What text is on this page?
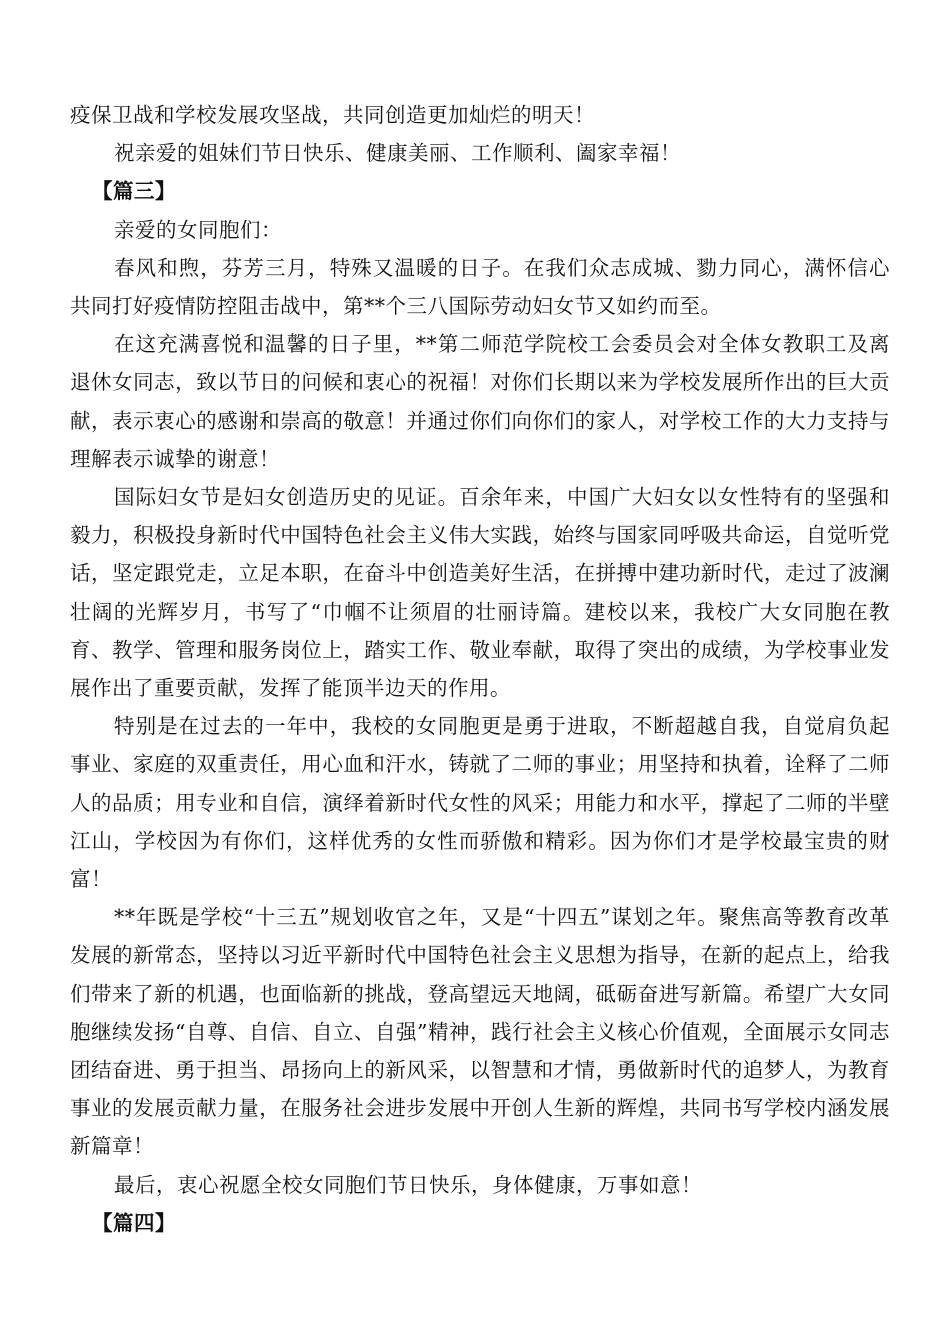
疫保卫战和学校发展攻坚战，共同创造更加灿烂的明天！

祝亲爱的姐妹们节日快乐、健康美丽、工作顺利、阖家幸福！

【篇三】

亲爱的女同胞们：

春风和煦，芬芳三月，特殊又温暖的日子。在我们众志成城、勠力同心，满怀信心共同打好疫情防控阻击战中，第**个三八国际劳动妇女节又如约而至。

在这充满喜悦和温馨的日子里，**第二师范学院校工会委员会对全体女教职工及离退休女同志，致以节日的问候和衷心的祝福！对你们长期以来为学校发展所作出的巨大贡献，表示衷心的感谢和崇高的敬意！并通过你们向你们的家人，对学校工作的大力支持与理解表示诚挚的谢意！

国际妇女节是妇女创造历史的见证。百余年来，中国广大妇女以女性特有的坚强和毅力，积极投身新时代中国特色社会主义伟大实践，始终与国家同呼吸共命运，自觉听党话，坚定跟党走，立足本职，在奋斗中创造美好生活，在拼搏中建功新时代，走过了波澜壮阔的光辉岁月，书写了“巾帼不让须眉的壮丽诗篇。建校以来，我校广大女同胞在教育、教学、管理和服务岗位上，踏实工作、敬业奉献，取得了突出的成绩，为学校事业发展作出了重要贡献，发挥了能顶半边天的作用。

特别是在过去的一年中，我校的女同胞更是勇于进取，不断超越自我，自觉肩负起事业、家庭的双重责任，用心血和汗水，铸就了二师的事业；用坚持和执着，诠释了二师人的品质；用专业和自信，演绎着新时代女性的风采；用能力和水平，撑起了二师的半壁江山，学校因为有你们，这样优秀的女性而骄傲和精彩。因为你们才是学校最宝贵的财富！

**年既是学校“十三五”规划收官之年，又是“十四五”谋划之年。聚焦高等教育改革发展的新常态，坚持以习近平新时代中国特色社会主义思想为指导，在新的起点上，给我们带来了新的机遇，也面临新的挑战，登高望远天地阔，砥砺奋进写新篇。希望广大女同胞继续发扬“自尊、自信、自立、自强”精神，践行社会主义核心价值观，全面展示女同志团结奋进、勇于担当、昂扬向上的新风采，以智慧和才情，勇做新时代的追梦人，为教育事业的发展贡献力量，在服务社会进步发展中开创人生新的辉煌，共同书写学校内涵发展新篇章！

最后，衷心祝愿全校女同胞们节日快乐，身体健康，万事如意！

【篇四】
